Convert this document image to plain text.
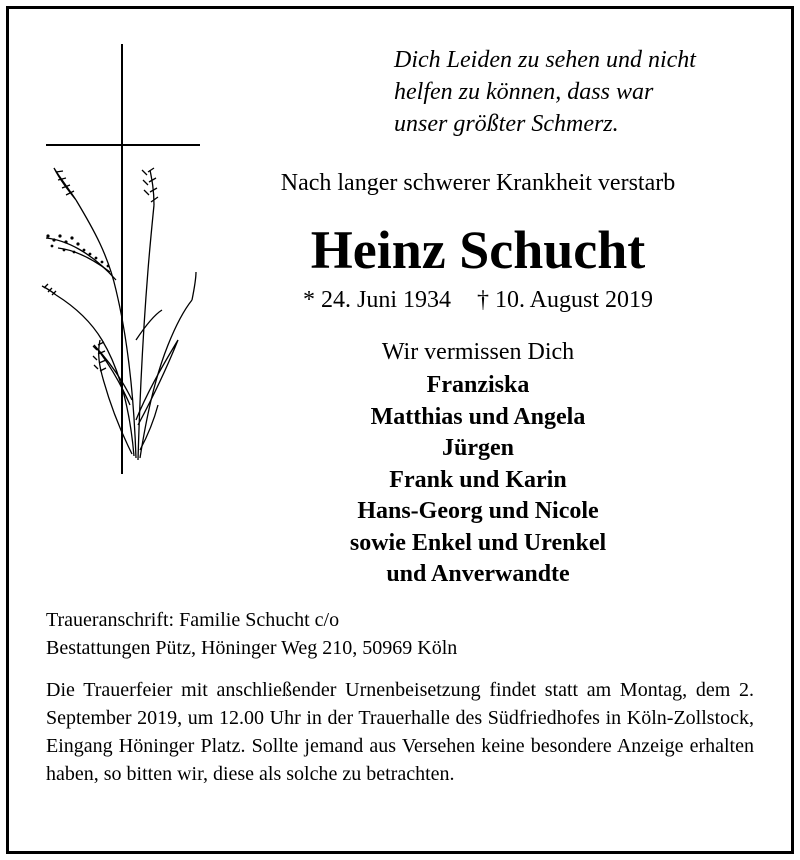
Dich Leiden zu sehen und nicht
helfen zu können, dass war
unser größter Schmerz.
Nach langer schwerer Krankheit verstarb
Heinz Schucht
* 24. Juni 1934 † 10. August 2019
Wir vermissen Dich
Franziska
Matthias und Angela
Jürgen
Frank und Karin
Hans-Georg und Nicole
sowie Enkel und Urenkel
und Anverwandte
Traueranschrift: Familie Schucht c/o
Bestattungen Pütz, Höninger Weg 210, 50969 Köln
Die Trauerfeier mit anschließender Urnenbeisetzung findet statt am Montag, dem 2. September 2019, um 12.00 Uhr in der Trauerhalle des Südfriedhofes in Köln-Zollstock, Eingang Höninger Platz. Sollte jemand aus Versehen keine besondere Anzeige erhalten haben, so bitten wir, diese als solche zu betrachten.
